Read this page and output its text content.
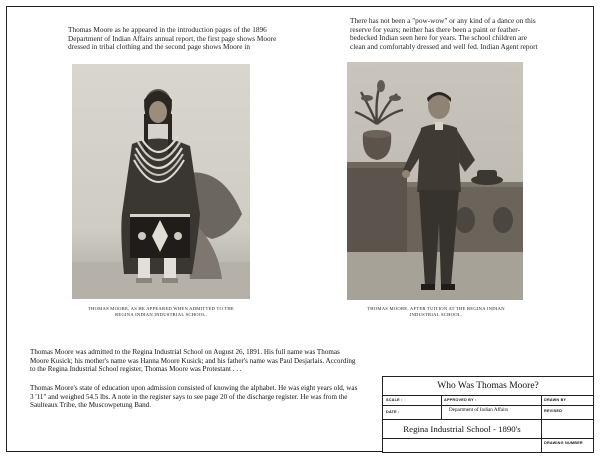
Thomas Moore as he appeared in the introduction pages of the 1896 Department of Indian Affairs annual report, the first page shows Moore dressed in tribal clothing and the second page shows Moore in
There has not been a "pow-wow" or any kind of a dance on this reserve for years; neither has there been a paint or feather-bedecked Indian seen here for years. The school children are clean and comfortably dressed and well fed. Indian Agent report
THOMAS MOORE, AS HE APPEARED WHEN ADMITTED TO THE
REGINA INDIAN INDUSTRIAL SCHOOL.
THOMAS MOORE, AFTER TUITION AT THE REGINA INDIAN
INDUSTRIAL SCHOOL.
Thomas Moore was admitted to the Regina Industrial School on August 26, 1891. His full name was Thomas Moore Kusick; his mother's name was Hanna Moore Kusick; and his father's name was Paul Desjarlais. According to the Regina Industrial School register, Thomas Moore was Protestant . . .
Thomas Moore's state of education upon admission consisted of knowing the alphabet. He was eight years old, was 3 '11" and weighed 54.5 lbs. A note in the register says to see page 20 of the discharge register. He was from the Saulteaux Tribe, the Muscowpetung Band.
Who Was Thomas Moore?
SCALE :
DATE :
APPROVED BY :
Department of Indian Affairs
DRAWN BY
REVISED
Regina Industrial School - 1890's
DRAWING NUMBER
